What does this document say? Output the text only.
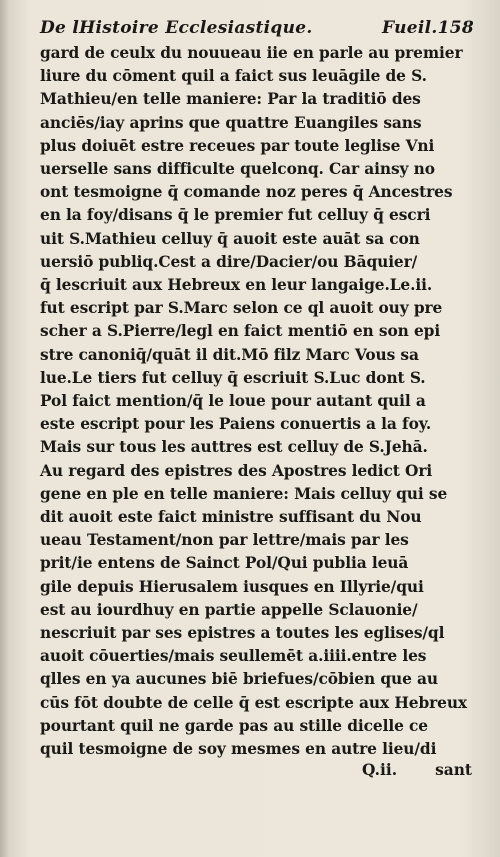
De lHistoire Ecclesiastique.	Fueil.158
gard de ceulx du nouueau iie en parle au premier
liure du cōment quil a faict sus leuāgile de S.
Mathieu/en telle maniere: Par la traditiō des
anciēs/iay aprins que quattre Euangiles sans
plus doiuēt estre receues par toute leglise Vni
uerselle sans difficulte quelconq. Car ainsy no
ont tesmoigne q̄ comande noz peres q̄ Ancestres
en la foy/disans q̄ le premier fut celluy q̄ escri
uit S.Mathieu celluy q̄ auoit este auāt sa con
uersiō publiq.Cest a dire/Dacier/ou Bāquier/
q̄ lescriuit aux Hebreux en leur langaige.Le.ii.
fut escript par S.Marc selon ce ql auoit ouy pre
scher a S.Pierre/legl en faict mentiō en son epi
stre canoniq̄/quāt il dit.Mō filz Marc Vous sa
lue.Le tiers fut celluy q̄ escriuit S.Luc dont S.
Pol faict mention/q̄ le loue pour autant quil a
este escript pour les Paiens conuertis a la foy.
Mais sur tous les auttres est celluy de S.Jehā.
Au regard des epistres des Apostres ledict Ori
gene en ple en telle maniere: Mais celluy qui se
dit auoit este faict ministre suffisant du Nou
ueau Testament/non par lettre/mais par les
prit/ie entens de Sainct Pol/Qui publia leuā
gile depuis Hierusalem iusques en Illyrie/qui
est au iourdhuy en partie appelle Sclauonie/
nescriuit par ses epistres a toutes les eglises/ql
auoit cōuerties/mais seullemēt a.iiii.entre les
qlles en ya aucunes biē briefues/cōbien que au
cūs fōt doubte de celle q̄ est escripte aux Hebreux
pourtant quil ne garde pas au stille dicelle ce
quil tesmoigne de soy mesmes en autre lieu/di
Q.ii. sant
